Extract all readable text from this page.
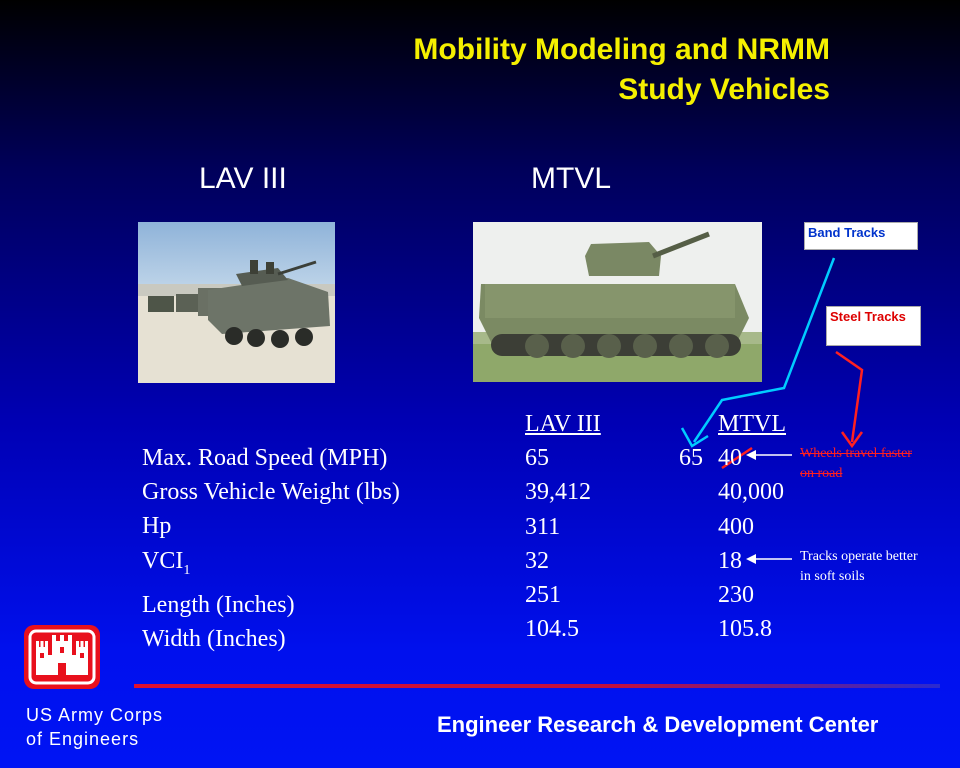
Mobility Modeling and NRMM
Study Vehicles
LAV III	MTVL
Band Tracks
Steel Tracks
Max. Road Speed (MPH)
Gross Vehicle Weight (lbs)
Hp
$VCI_1$
Length (Inches)
Width (Inches)
LAV III
65
39,412
311
32
251
104.5
65
MTVL
40
40,000
400
18
230
105.8
Wheels travel faster
on road
Tracks operate better
in soft soils
US Army Corps
of Engineers
Engineer Research & Development Center
